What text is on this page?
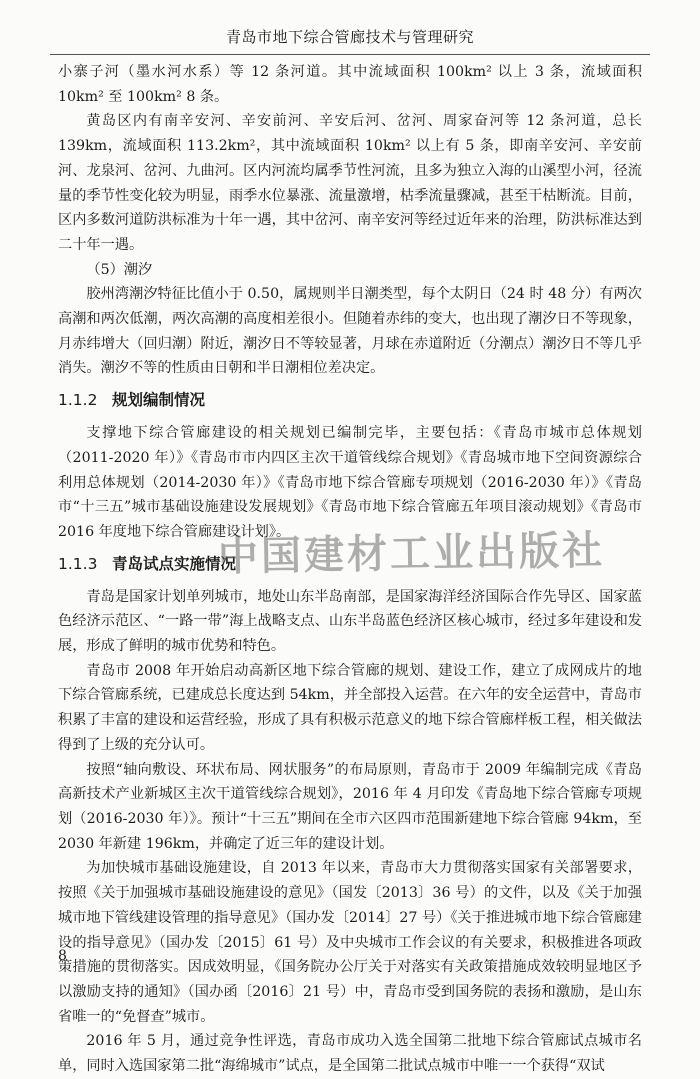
青岛市地下综合管廊技术与管理研究

小寨子河（墨水河水系）等 12 条河道。其中流域面积 100km² 以上 3 条，流域面积 10km² 至 100km² 8 条。

黄岛区内有南辛安河、辛安前河、辛安后河、岔河、周家奋河等 12 条河道，总长 139km，流域面积 113.2km²，其中流域面积 10km² 以上有 5 条，即南辛安河、辛安前河、龙泉河、岔河、九曲河。区内河流均属季节性河流，且多为独立入海的山溪型小河，径流量的季节性变化较为明显，雨季水位暴涨、流量激增，枯季流量骤减，甚至干枯断流。目前，区内多数河道防洪标准为十年一遇，其中岔河、南辛安河等经过近年来的治理，防洪标准达到二十年一遇。

（5）潮汐

胶州湾潮汐特征比值小于 0.50，属规则半日潮类型，每个太阴日（24 时 48 分）有两次高潮和两次低潮，两次高潮的高度相差很小。但随着赤纬的变大，也出现了潮汐日不等现象，月赤纬增大（回归潮）附近，潮汐日不等较显著，月球在赤道附近（分潮点）潮汐日不等几乎消失。潮汐不等的性质由日朝和半日潮相位差决定。

1.1.2 规划编制情况

支撑地下综合管廊建设的相关规划已编制完毕，主要包括：《青岛市城市总体规划（2011-2020 年）》《青岛市市内四区主次干道管线综合规划》《青岛城市地下空间资源综合利用总体规划（2014-2030 年）》《青岛市地下综合管廊专项规划（2016-2030 年）》《青岛市“十三五”城市基础设施建设发展规划》《青岛市地下综合管廊五年项目滚动规划》《青岛市 2016 年度地下综合管廊建设计划》。

1.1.3 青岛试点实施情况
中国建材工业出版社

青岛是国家计划单列城市，地处山东半岛南部，是国家海洋经济国际合作先导区、国家蓝色经济示范区、“一路一带”海上战略支点、山东半岛蓝色经济区核心城市，经过多年建设和发展，形成了鲜明的城市优势和特色。

青岛市 2008 年开始启动高新区地下综合管廊的规划、建设工作，建立了成网成片的地下综合管廊系统，已建成总长度达到 54km，并全部投入运营。在六年的安全运营中，青岛市积累了丰富的建设和运营经验，形成了具有积极示范意义的地下综合管廊样板工程，相关做法得到了上级的充分认可。

按照“轴向敷设、环状布局、网状服务”的布局原则，青岛市于 2009 年编制完成《青岛高新技术产业新城区主次干道管线综合规划》，2016 年 4 月印发《青岛地下综合管廊专项规划（2016-2030 年）》。预计“十三五”期间在全市六区四市范围新建地下综合管廊 94km，至 2030 年新建 196km，并确定了近三年的建设计划。

为加快城市基础设施建设，自 2013 年以来，青岛市大力贯彻落实国家有关部署要求，按照《关于加强城市基础设施建设的意见》（国发〔2013〕36 号）的文件，以及《关于加强城市地下管线建设管理的指导意见》（国办发〔2014〕27 号）《关于推进城市地下综合管廊建设的指导意见》（国办发〔2015〕61 号）及中央城市工作会议的有关要求，积极推进各项政策措施的贯彻落实。因成效明显，《国务院办公厅关于对落实有关政策措施成效较明显地区予以激励支持的通知》（国办函〔2016〕21 号）中，青岛市受到国务院的表扬和激励，是山东省唯一的“免督查”城市。

2016 年 5 月，通过竞争性评选，青岛市成功入选全国第二批地下综合管廊试点城市名单，同时入选国家第二批“海绵城市”试点，是全国第二批试点城市中唯一一个获得“双试

8
